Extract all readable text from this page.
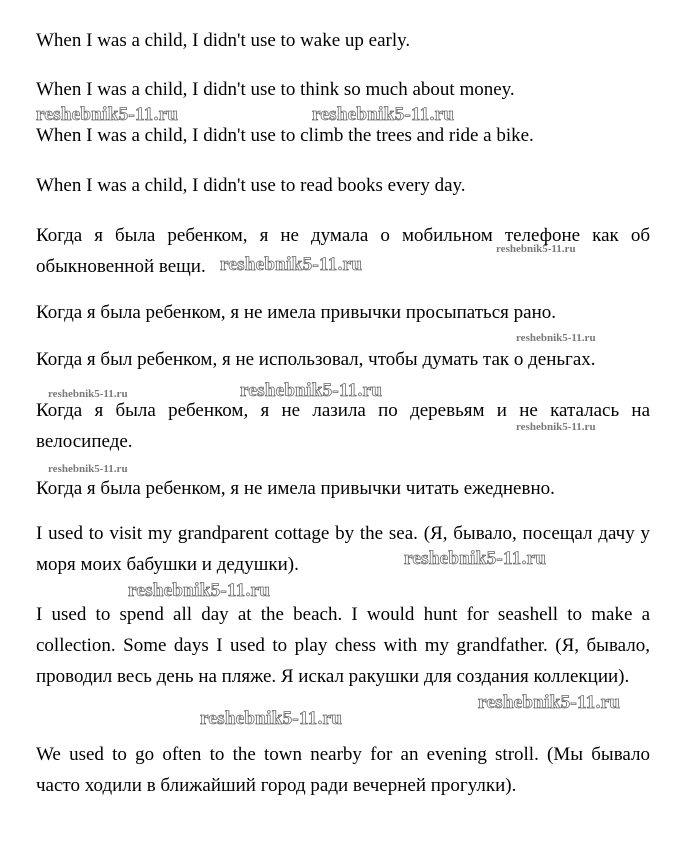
When I was a child, I didn't use to wake up early.
When I was a child, I didn't use to think so much about money.
When I was a child, I didn't use to climb the trees and ride a bike.
When I was a child, I didn't use to read books every day.
Когда я была ребенком, я не думала о мобильном телефоне как об обыкновенной вещи.
Когда я была ребенком, я не имела привычки просыпаться рано.
Когда я был ребенком, я не использовал, чтобы думать так о деньгах.
Когда я была ребенком, я не лазила по деревьям и не каталась на велосипеде.
Когда я была ребенком, я не имела привычки читать ежедневно.
I used to visit my grandparent cottage by the sea. (Я, бывало, посещал дачу у моря моих бабушки и дедушки).
I used to spend all day at the beach. I would hunt for seashell to make a collection. Some days I used to play chess with my grandfather. (Я, бывало, проводил весь день на пляже. Я искал ракушки для создания коллекции).
We used to go often to the town nearby for an evening stroll. (Мы бывало часто ходили в ближайший город ради вечерней прогулки).
reshebnik5-11.ru	reshebnik5-11.ru
reshebnik5-11.ru
reshebnik5-11.ru
reshebnik5-11.ru
reshebnik5-11.ru	reshebnik5-11.ru
reshebnik5-11.ru
reshebnik5-11.ru
reshebnik5-11.ru
reshebnik5-11.ru
reshebnik5-11.ru
reshebnik5-11.ru
